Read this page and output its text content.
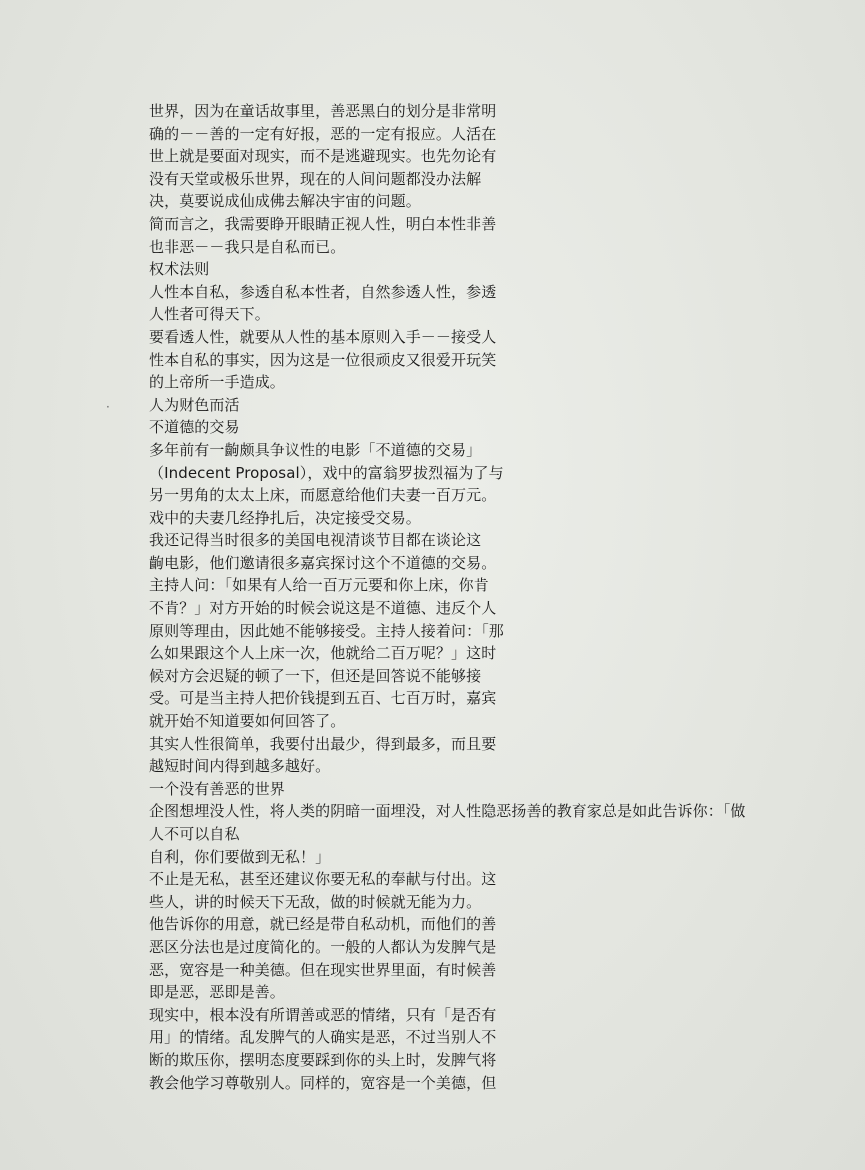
·
世界，因为在童话故事里，善恶黑白的划分是非常明
确的－－善的一定有好报，恶的一定有报应。人活在
世上就是要面对现实，而不是逃避现实。也先勿论有
没有天堂或极乐世界，现在的人间问题都没办法解
决，莫要说成仙成佛去解决宇宙的问题。
简而言之，我需要睁开眼睛正视人性，明白本性非善
也非恶－－我只是自私而已。
权术法则
人性本自私，参透自私本性者，自然参透人性，参透
人性者可得天下。
要看透人性，就要从人性的基本原则入手－－接受人
性本自私的事实，因为这是一位很顽皮又很爱开玩笑
的上帝所一手造成。
人为财色而活
不道德的交易
多年前有一齣颇具争议性的电影「不道德的交易」
（Indecent Proposal），戏中的富翁罗拔烈福为了与
另一男角的太太上床，而愿意给他们夫妻一百万元。
戏中的夫妻几经挣扎后，决定接受交易。
我还记得当时很多的美国电视清谈节目都在谈论这
齣电影，他们邀请很多嘉宾探讨这个不道德的交易。
主持人问：「如果有人给一百万元要和你上床，你肯
不肯？」对方开始的时候会说这是不道德、违反个人
原则等理由，因此她不能够接受。主持人接着问：「那
么如果跟这个人上床一次，他就给二百万呢？」这时
候对方会迟疑的顿了一下，但还是回答说不能够接
受。可是当主持人把价钱提到五百、七百万时，嘉宾
就开始不知道要如何回答了。
其实人性很简单，我要付出最少，得到最多，而且要
越短时间内得到越多越好。
一个没有善恶的世界
企图想埋没人性，将人类的阴暗一面埋没，对人性隐恶扬善的教育家总是如此告诉你：「做
人不可以自私
自利，你们要做到无私！」
不止是无私，甚至还建议你要无私的奉献与付出。这
些人，讲的时候天下无敌，做的时候就无能为力。
他告诉你的用意，就已经是带自私动机，而他们的善
恶区分法也是过度简化的。一般的人都认为发脾气是
恶，宽容是一种美德。但在现实世界里面，有时候善
即是恶，恶即是善。
现实中，根本没有所谓善或恶的情绪，只有「是否有
用」的情绪。乱发脾气的人确实是恶，不过当别人不
断的欺压你，摆明态度要踩到你的头上时，发脾气将
教会他学习尊敬别人。同样的，宽容是一个美德，但
